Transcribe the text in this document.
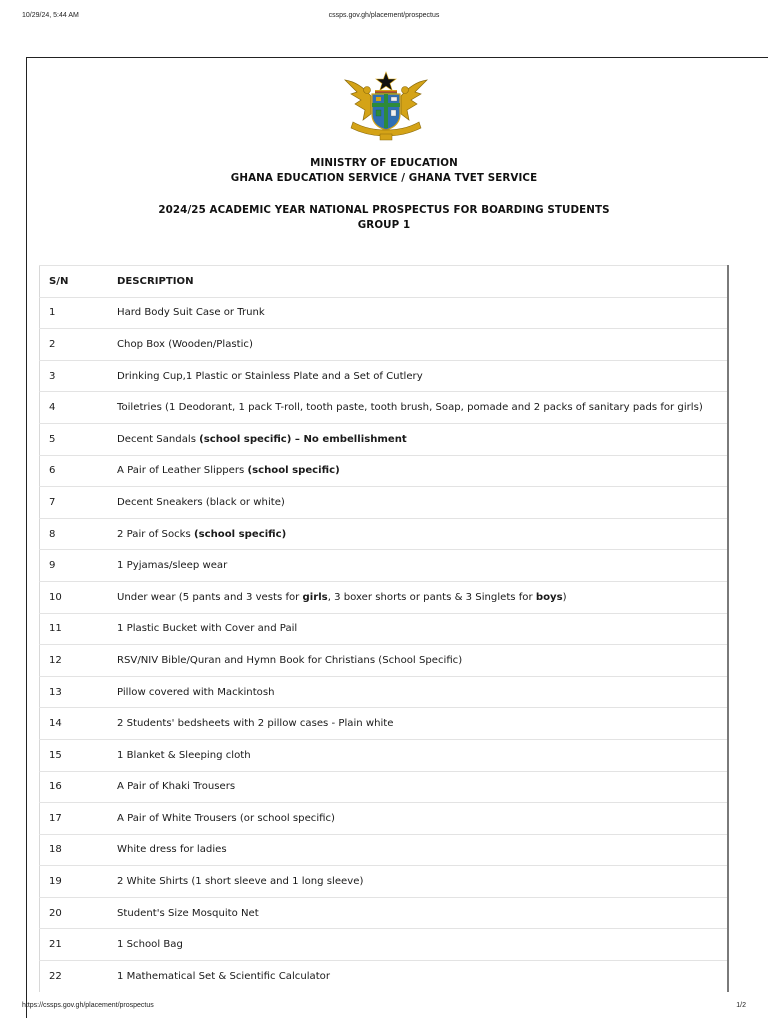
10/29/24, 5:44 AM	cssps.gov.gh/placement/prospectus
MINISTRY OF EDUCATION
GHANA EDUCATION SERVICE / GHANA TVET SERVICE
2024/25 ACADEMIC YEAR NATIONAL PROSPECTUS FOR BOARDING STUDENTS
GROUP 1
S/N	DESCRIPTION
1	Hard Body Suit Case or Trunk
2	Chop Box (Wooden/Plastic)
3	Drinking Cup,1 Plastic or Stainless Plate and a Set of Cutlery
4	Toiletries (1 Deodorant, 1 pack T-roll, tooth paste, tooth brush, Soap, pomade and 2 packs of sanitary pads for girls)
5	Decent Sandals (school specific) – No embellishment
6	A Pair of Leather Slippers (school specific)
7	Decent Sneakers (black or white)
8	2 Pair of Socks (school specific)
9	1 Pyjamas/sleep wear
10	Under wear (5 pants and 3 vests for girls, 3 boxer shorts or pants & 3 Singlets for boys)
11	1 Plastic Bucket with Cover and Pail
12	RSV/NIV Bible/Quran and Hymn Book for Christians (School Specific)
13	Pillow covered with Mackintosh
14	2 Students' bedsheets with 2 pillow cases - Plain white
15	1 Blanket & Sleeping cloth
16	A Pair of Khaki Trousers
17	A Pair of White Trousers (or school specific)
18	White dress for ladies
19	2 White Shirts (1 short sleeve and 1 long sleeve)
20	Student's Size Mosquito Net
21	1 School Bag
22	1 Mathematical Set & Scientific Calculator
https://cssps.gov.gh/placement/prospectus	1/2
